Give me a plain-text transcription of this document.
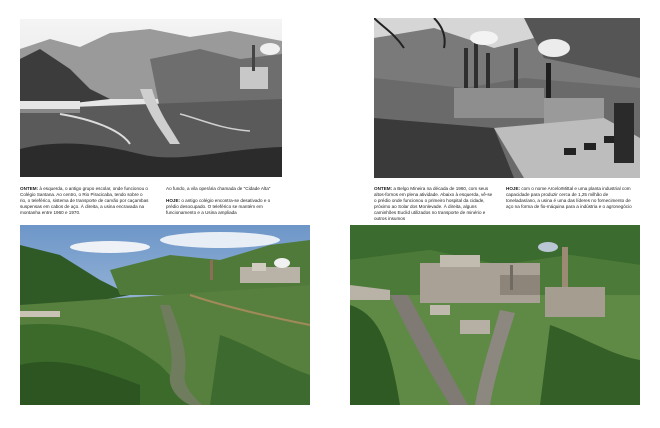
ONTEM: à esquerda, o antigo grupo escolar, onde funcionou o Colégio Santana. Ao centro, o Rio Piracicaba, tendo sobre o rio, o teleférico, sistema de transporte de carvão por caçambas suspensas em cabos de aço. À direita, a usina encravada na montanha entre 1960 e 1970.

Ao fundo, a vila operária chamada de "Cidade Alta"
HOJE: o antigo colégio encontra-se desativado e o prédio desocupado. O teleférico se mantém em funcionamento e a Usina ampliada

ONTEM: a Belgo Mineira na década de 1960, com seus altos-fornos em plena atividade. Abaixo à esquerda, vê-se o prédio onde funcionou o primeiro hospital da cidade, próximo ao Solar dos Monlevade. À direita, alguns caminhões Euclid utilizados no transporte de minério e outros insumos

HOJE: com o nome ArcelorMittal e uma planta industrial com capacidade para produzir cerca de 1,25 milhão de toneladas/ano, a usina é uma das líderes no fornecimento de aço na forma de fio-máquina para a indústria e o agronegócio
